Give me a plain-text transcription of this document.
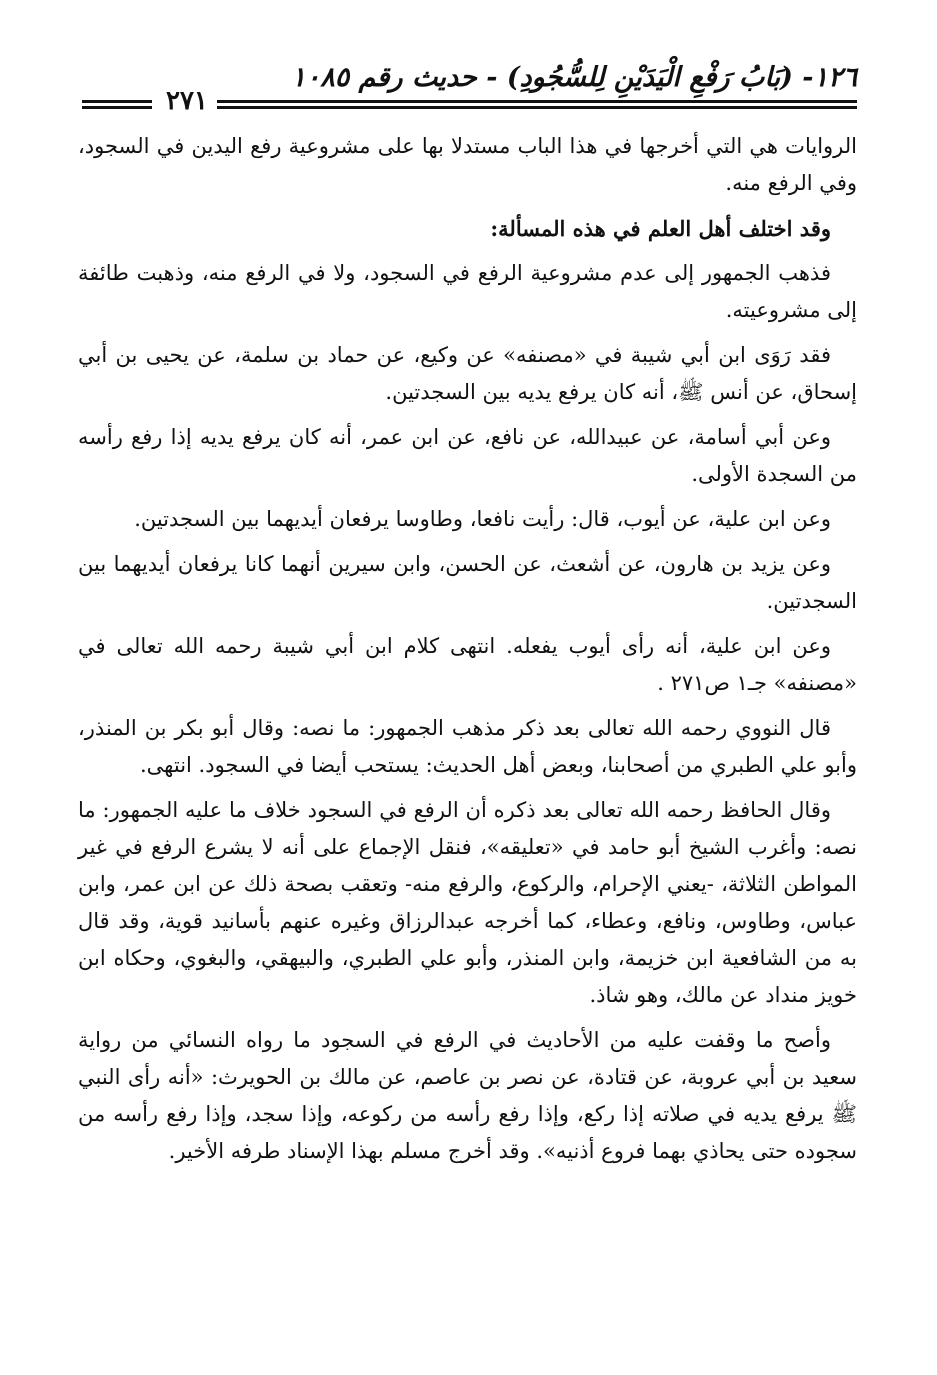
١٢٦- (بَابُ رَفْعِ الْيَدَيْنِ لِلسُّجُودِ) - حديث رقم ١٠٨٥
٢٧١

الروايات هي التي أخرجها في هذا الباب مستدلا بها على مشروعية رفع اليدين في السجود، وفي الرفع منه.

وقد اختلف أهل العلم في هذه المسألة:

فذهب الجمهور إلى عدم مشروعية الرفع في السجود، ولا في الرفع منه، وذهبت طائفة إلى مشروعيته.

فقد رَوَى ابن أبي شيبة في «مصنفه» عن وكيع، عن حماد بن سلمة، عن يحيى بن أبي إسحاق، عن أنس ﷺ، أنه كان يرفع يديه بين السجدتين.

وعن أبي أسامة، عن عبيدالله، عن نافع، عن ابن عمر، أنه كان يرفع يديه إذا رفع رأسه من السجدة الأولى.

وعن ابن علية، عن أيوب، قال: رأيت نافعا، وطاوسا يرفعان أيديهما بين السجدتين.

وعن يزيد بن هارون، عن أشعث، عن الحسن، وابن سيرين أنهما كانا يرفعان أيديهما بين السجدتين.

وعن ابن علية، أنه رأى أيوب يفعله. انتهى كلام ابن أبي شيبة رحمه الله تعالى في «مصنفه» جـ١ ص٢٧١ .

قال النووي رحمه الله تعالى بعد ذكر مذهب الجمهور: ما نصه: وقال أبو بكر بن المنذر، وأبو علي الطبري من أصحابنا، وبعض أهل الحديث: يستحب أيضا في السجود. انتهى.

وقال الحافظ رحمه الله تعالى بعد ذكره أن الرفع في السجود خلاف ما عليه الجمهور: ما نصه: وأغرب الشيخ أبو حامد في «تعليقه»، فنقل الإجماع على أنه لا يشرع الرفع في غير المواطن الثلاثة، -يعني الإحرام، والركوع، والرفع منه- وتعقب بصحة ذلك عن ابن عمر، وابن عباس، وطاوس، ونافع، وعطاء، كما أخرجه عبدالرزاق وغيره عنهم بأسانيد قوية، وقد قال به من الشافعية ابن خزيمة، وابن المنذر، وأبو علي الطبري، والبيهقي، والبغوي، وحكاه ابن خويز منداد عن مالك، وهو شاذ.

وأصح ما وقفت عليه من الأحاديث في الرفع في السجود ما رواه النسائي من رواية سعيد بن أبي عروبة، عن قتادة، عن نصر بن عاصم، عن مالك بن الحويرث: «أنه رأى النبي ﷺ يرفع يديه في صلاته إذا ركع، وإذا رفع رأسه من ركوعه، وإذا سجد، وإذا رفع رأسه من سجوده حتى يحاذي بهما فروع أذنيه». وقد أخرج مسلم بهذا الإسناد طرفه الأخير.
